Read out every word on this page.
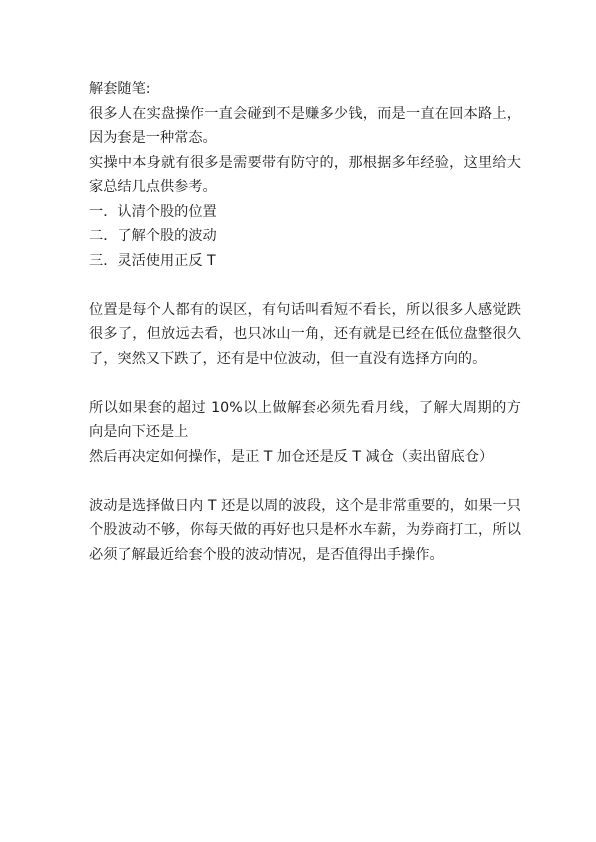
解套随笔:

很多人在实盘操作一直会碰到不是赚多少钱，而是一直在回本路上，因为套是一种常态。

实操中本身就有很多是需要带有防守的，那根据多年经验，这里给大家总结几点供参考。

一．认清个股的位置

二．了解个股的波动

三．灵活使用正反 T

位置是每个人都有的误区，有句话叫看短不看长，所以很多人感觉跌很多了，但放远去看，也只冰山一角，还有就是已经在低位盘整很久了，突然又下跌了，还有是中位波动，但一直没有选择方向的。

所以如果套的超过 10%以上做解套必须先看月线，了解大周期的方向是向下还是上

然后再决定如何操作，是正 T 加仓还是反 T 减仓（卖出留底仓）

波动是选择做日内 T 还是以周的波段，这个是非常重要的，如果一只个股波动不够，你每天做的再好也只是杯水车薪，为券商打工，所以必须了解最近给套个股的波动情况，是否值得出手操作。
